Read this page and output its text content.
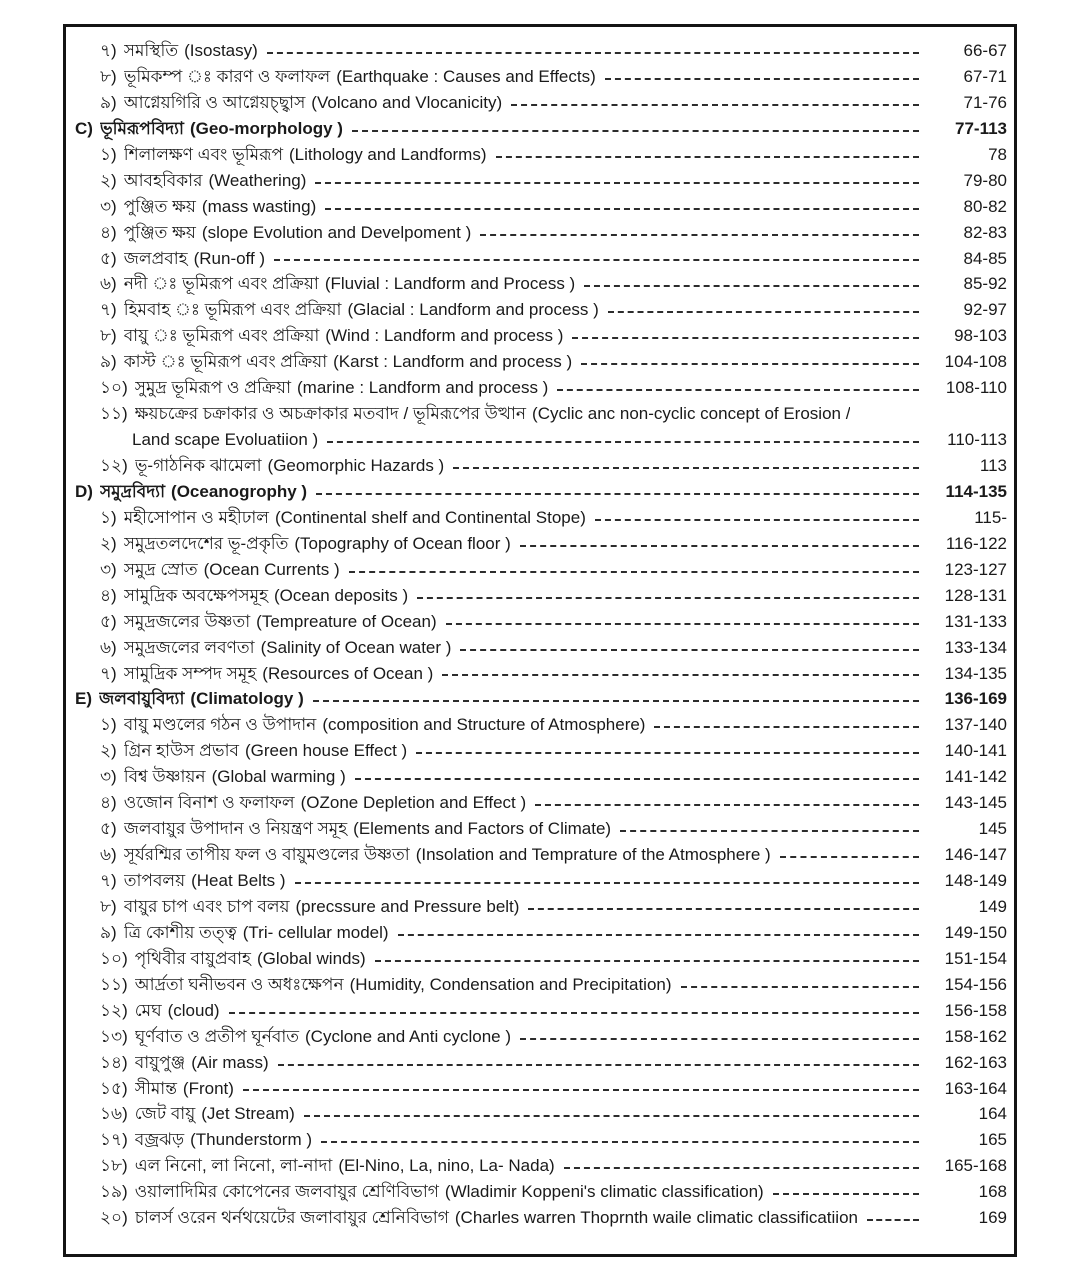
৭) সমস্থিতি (Isostasy)	66-67
৮) ভূমিকম্প ঃ কারণ ও ফলাফল (Earthquake : Causes and Effects)	67-71
৯) আগ্নেয়গিরি ও আগ্নেয়চ্ছ্বাস (Volcano and Vlocanicity)	71-76
C) ভূমিরূপবিদ্যা (Geo-morphology )	77-113
১) শিলালক্ষণ এবং ভূমিরূপ (Lithology and Landforms)	78
২) আবহবিকার (Weathering)	79-80
৩) পুঞ্জিত ক্ষয় (mass wasting)	80-82
৪) পুঞ্জিত ক্ষয় (slope Evolution and Develpoment )	82-83
৫) জলপ্রবাহ (Run-off )	84-85
৬) নদী ঃ ভূমিরূপ এবং প্রক্রিয়া (Fluvial : Landform and Process )	85-92
৭) হিমবাহ ঃ ভূমিরূপ এবং প্রক্রিয়া (Glacial : Landform and process )	92-97
৮) বায়ু ঃ ভূমিরূপ এবং প্রক্রিয়া (Wind : Landform and process )	98-103
৯) কাস্ট ঃ ভূমিরূপ এবং প্রক্রিয়া (Karst : Landform and process )	104-108
১০) সুমুদ্র ভূমিরূপ ও প্রক্রিয়া (marine : Landform and process )	108-110
১১) ক্ষয়চক্রের চক্রাকার ও অচক্রাকার মতবাদ / ভূমিরূপের উত্থান (Cyclic anc non-cyclic concept of Erosion /
Land scape Evoluatiion )	110-113
১২) ভূ-গাঠনিক ঝামেলা (Geomorphic Hazards )	113
D) সমুদ্রবিদ্যা (Oceanogrophy )	114-135
১) মহীসোপান ও মহীঢাল (Continental shelf and Continental Stope)	115-
২) সমুদ্রতলদেশের ভূ-প্রকৃতি (Topography of Ocean floor )	116-122
৩) সমুদ্র স্রোত (Ocean Currents )	123-127
৪) সামুদ্রিক অবক্ষেপসমূহ (Ocean deposits )	128-131
৫) সমুদ্রজলের উষ্ণতা (Tempreature of Ocean)	131-133
৬) সমুদ্রজলের লবণতা (Salinity of Ocean water )	133-134
৭) সামুদ্রিক সম্পদ সমূহ (Resources of Ocean )	134-135
E) জলবায়ুবিদ্যা (Climatology )	136-169
১) বায়ু মণ্ডলের গঠন ও উপাদান (composition and Structure of Atmosphere)	137-140
২) গ্রিন হাউস প্রভাব (Green house Effect )	140-141
৩) বিশ্ব উষ্ণায়ন (Global warming )	141-142
৪) ওজোন বিনাশ ও ফলাফল (OZone Depletion and Effect )	143-145
৫) জলবায়ুর উপাদান ও নিয়ন্ত্রণ সমূহ (Elements and Factors of Climate)	145
৬) সূর্যরশ্মির তাপীয় ফল ও বায়ুমণ্ডলের উষ্ণতা (Insolation and Temprature of the Atmosphere )	146-147
৭) তাপবলয় (Heat Belts )	148-149
৮) বায়ুর চাপ এবং চাপ বলয় (precssure and Pressure belt)	149
৯) ত্রি কোশীয় তত্ত্ব (Tri- cellular model)	149-150
১০) পৃথিবীর বায়ুপ্রবাহ (Global winds)	151-154
১১) আর্দ্রতা ঘনীভবন ও অধঃক্ষেপন (Humidity, Condensation and Precipitation)	154-156
১২) মেঘ (cloud)	156-158
১৩) ঘূর্ণবাত ও প্রতীপ ঘূর্নবাত (Cyclone and Anti cyclone )	158-162
১৪) বায়ুপুঞ্জ (Air mass)	162-163
১৫) সীমান্ত (Front)	163-164
১৬) জেট বায়ু (Jet Stream)	164
১৭) বজ্রঝড় (Thunderstorm )	165
১৮) এল নিনো, লা নিনো, লা-নাদা (El-Nino, La, nino, La- Nada)	165-168
১৯) ওয়ালাদিমির কোপেনের জলবায়ুর শ্রেণিবিভাগ (Wladimir Koppeni's climatic classification)	168
২০) চালর্স ওরেন থর্নথয়েটের জলাবায়ুর শ্রেনিবিভাগ (Charles warren Thoprnth waile climatic classificatiion	169
